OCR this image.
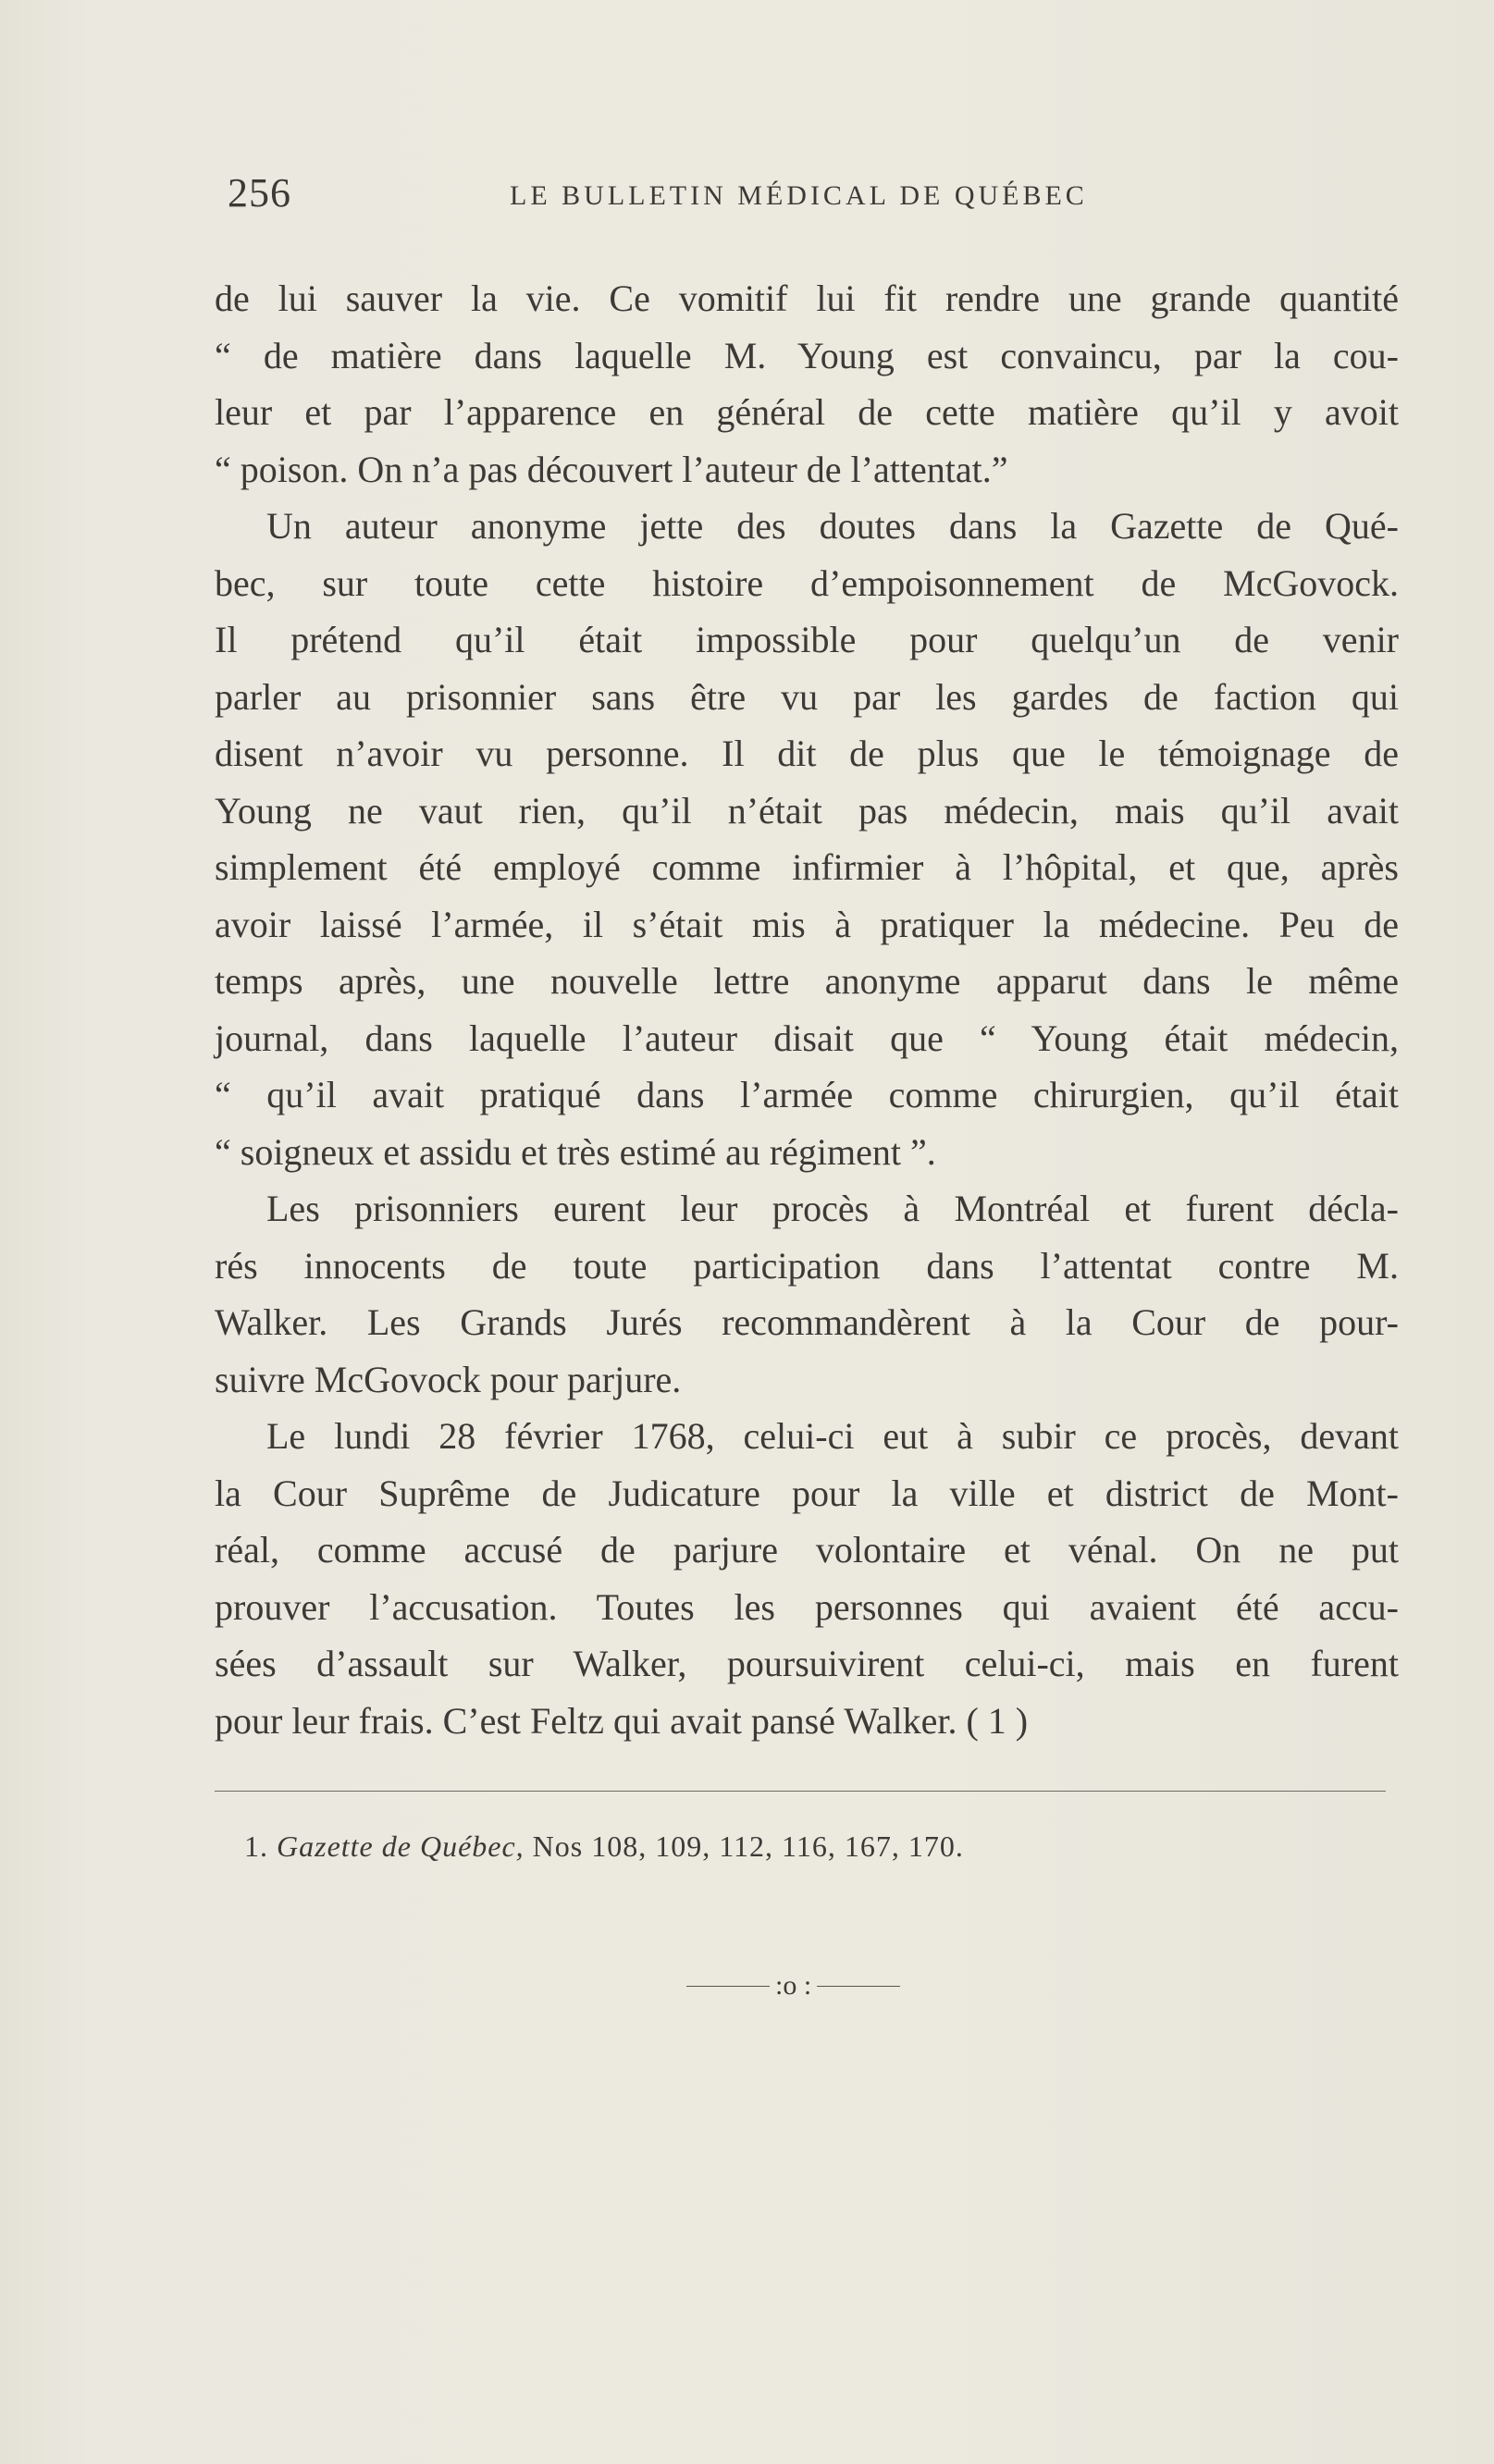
256	LE BULLETIN MÉDICAL DE QUÉBEC
de lui sauver la vie. Ce vomitif lui fit rendre une grande quantité
“ de matière dans laquelle M. Young est convaincu, par la cou-
leur et par l’apparence en général de cette matière qu’il y avoit
“ poison. On n’a pas découvert l’auteur de l’attentat.”
Un auteur anonyme jette des doutes dans la Gazette de Qué-
bec, sur toute cette histoire d’empoisonnement de McGovock.
Il prétend qu’il était impossible pour quelqu’un de venir
parler au prisonnier sans être vu par les gardes de faction qui
disent n’avoir vu personne. Il dit de plus que le témoignage de
Young ne vaut rien, qu’il n’était pas médecin, mais qu’il avait
simplement été employé comme infirmier à l’hôpital, et que, après
avoir laissé l’armée, il s’était mis à pratiquer la médecine. Peu de
temps après, une nouvelle lettre anonyme apparut dans le même
journal, dans laquelle l’auteur disait que “ Young était médecin,
“ qu’il avait pratiqué dans l’armée comme chirurgien, qu’il était
“ soigneux et assidu et très estimé au régiment ”.
Les prisonniers eurent leur procès à Montréal et furent décla-
rés innocents de toute participation dans l’attentat contre M.
Walker. Les Grands Jurés recommandèrent à la Cour de pour-
suivre McGovock pour parjure.
Le lundi 28 février 1768, celui-ci eut à subir ce procès, devant
la Cour Suprême de Judicature pour la ville et district de Mont-
réal, comme accusé de parjure volontaire et vénal. On ne put
prouver l’accusation. Toutes les personnes qui avaient été accu-
sées d’assault sur Walker, poursuivirent celui-ci, mais en furent
pour leur frais. C’est Feltz qui avait pansé Walker. ( 1 )
1. Gazette de Québec, Nos 108, 109, 112, 116, 167, 170.
:o :
